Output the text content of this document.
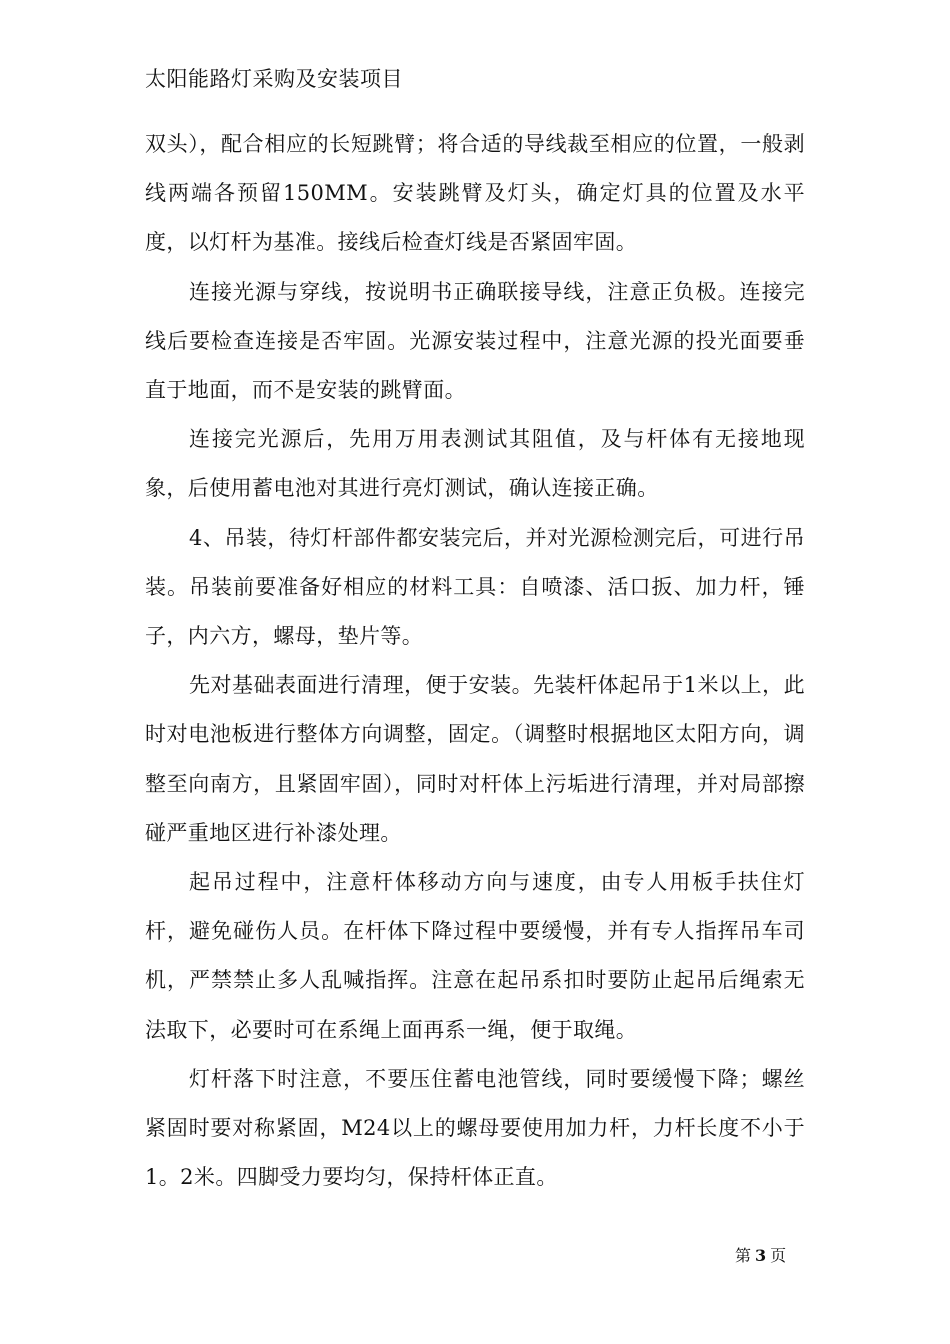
太阳能路灯采购及安装项目

双头），配合相应的长短跳臂；将合适的导线裁至相应的位置，一般剥线两端各预留150MM。安装跳臂及灯头，确定灯具的位置及水平度，以灯杆为基准。接线后检查灯线是否紧固牢固。

连接光源与穿线，按说明书正确联接导线，注意正负极。连接完线后要检查连接是否牢固。光源安装过程中，注意光源的投光面要垂直于地面，而不是安装的跳臂面。

连接完光源后，先用万用表测试其阻值，及与杆体有无接地现象，后使用蓄电池对其进行亮灯测试，确认连接正确。

4、吊装，待灯杆部件都安装完后，并对光源检测完后，可进行吊装。吊装前要准备好相应的材料工具：自喷漆、活口扳、加力杆，锤子，内六方，螺母，垫片等。

先对基础表面进行清理，便于安装。先装杆体起吊于1米以上，此时对电池板进行整体方向调整，固定。（调整时根据地区太阳方向，调整至向南方，且紧固牢固），同时对杆体上污垢进行清理，并对局部擦碰严重地区进行补漆处理。

起吊过程中，注意杆体移动方向与速度，由专人用板手扶住灯杆，避免碰伤人员。在杆体下降过程中要缓慢，并有专人指挥吊车司机，严禁禁止多人乱喊指挥。注意在起吊系扣时要防止起吊后绳索无法取下，必要时可在系绳上面再系一绳，便于取绳。

灯杆落下时注意，不要压住蓄电池管线，同时要缓慢下降；螺丝紧固时要对称紧固，M24以上的螺母要使用加力杆，力杆长度不小于1。2米。四脚受力要均匀，保持杆体正直。

第 3 页
